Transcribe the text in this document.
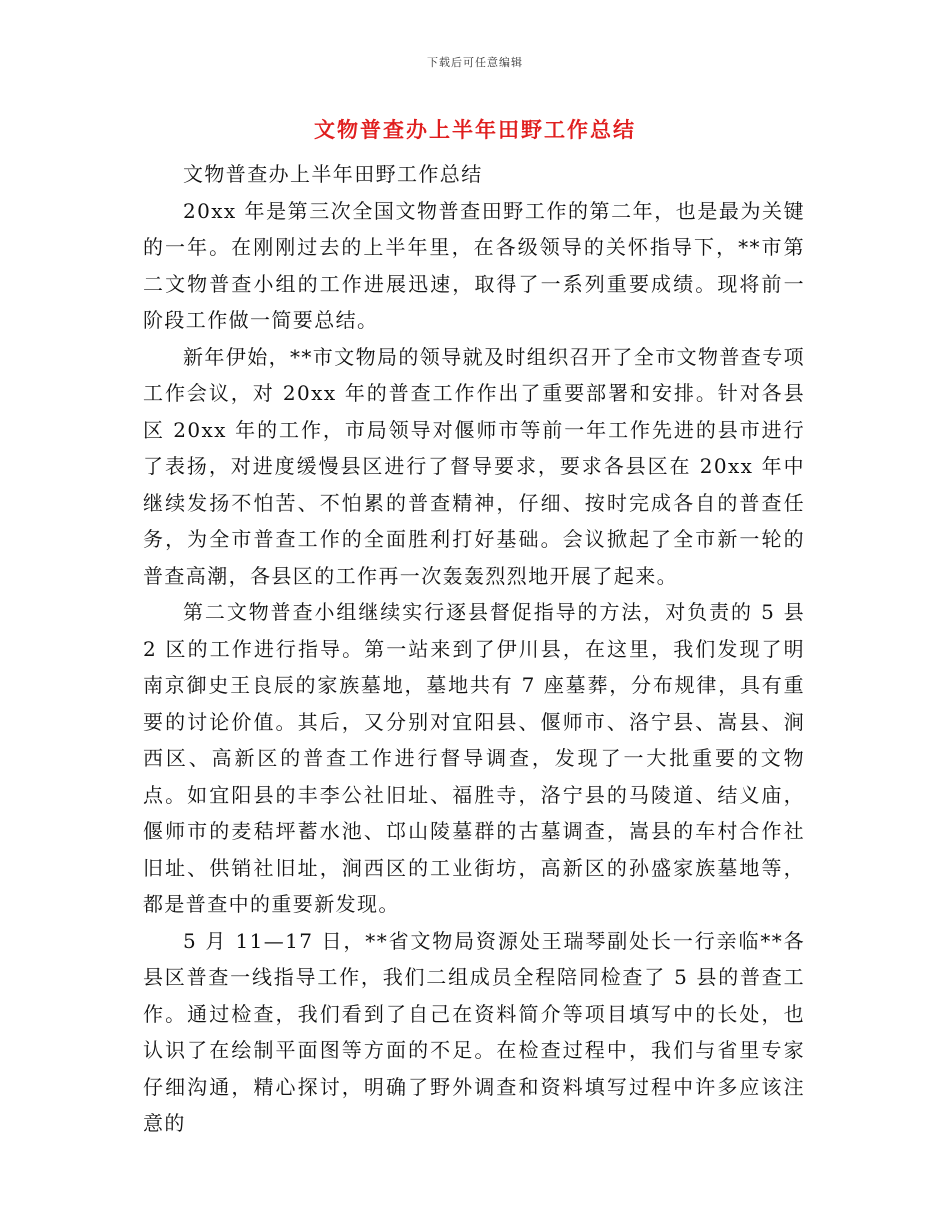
下载后可任意编辑
文物普查办上半年田野工作总结

文物普查办上半年田野工作总结

20xx 年是第三次全国文物普查田野工作的第二年，也是最为关键的一年。在刚刚过去的上半年里，在各级领导的关怀指导下，**市第二文物普查小组的工作进展迅速，取得了一系列重要成绩。现将前一阶段工作做一简要总结。

新年伊始，**市文物局的领导就及时组织召开了全市文物普查专项工作会议，对 20xx 年的普查工作作出了重要部署和安排。针对各县区 20xx 年的工作，市局领导对偃师市等前一年工作先进的县市进行了表扬，对进度缓慢县区进行了督导要求，要求各县区在 20xx 年中继续发扬不怕苦、不怕累的普查精神，仔细、按时完成各自的普查任务，为全市普查工作的全面胜利打好基础。会议掀起了全市新一轮的普查高潮，各县区的工作再一次轰轰烈烈地开展了起来。

第二文物普查小组继续实行逐县督促指导的方法，对负责的 5 县 2 区的工作进行指导。第一站来到了伊川县，在这里，我们发现了明南京御史王良辰的家族墓地，墓地共有 7 座墓葬，分布规律，具有重要的讨论价值。其后，又分别对宜阳县、偃师市、洛宁县、嵩县、涧西区、高新区的普查工作进行督导调查，发现了一大批重要的文物点。如宜阳县的丰李公社旧址、福胜寺，洛宁县的马陵道、结义庙，偃师市的麦秸坪蓄水池、邙山陵墓群的古墓调查，嵩县的车村合作社旧址、供销社旧址，涧西区的工业街坊，高新区的孙盛家族墓地等，都是普查中的重要新发现。

5 月 11—17 日，**省文物局资源处王瑞琴副处长一行亲临**各县区普查一线指导工作，我们二组成员全程陪同检查了 5 县的普查工作。通过检查，我们看到了自己在资料简介等项目填写中的长处，也认识了在绘制平面图等方面的不足。在检查过程中，我们与省里专家仔细沟通，精心探讨，明确了野外调查和资料填写过程中许多应该注意的
